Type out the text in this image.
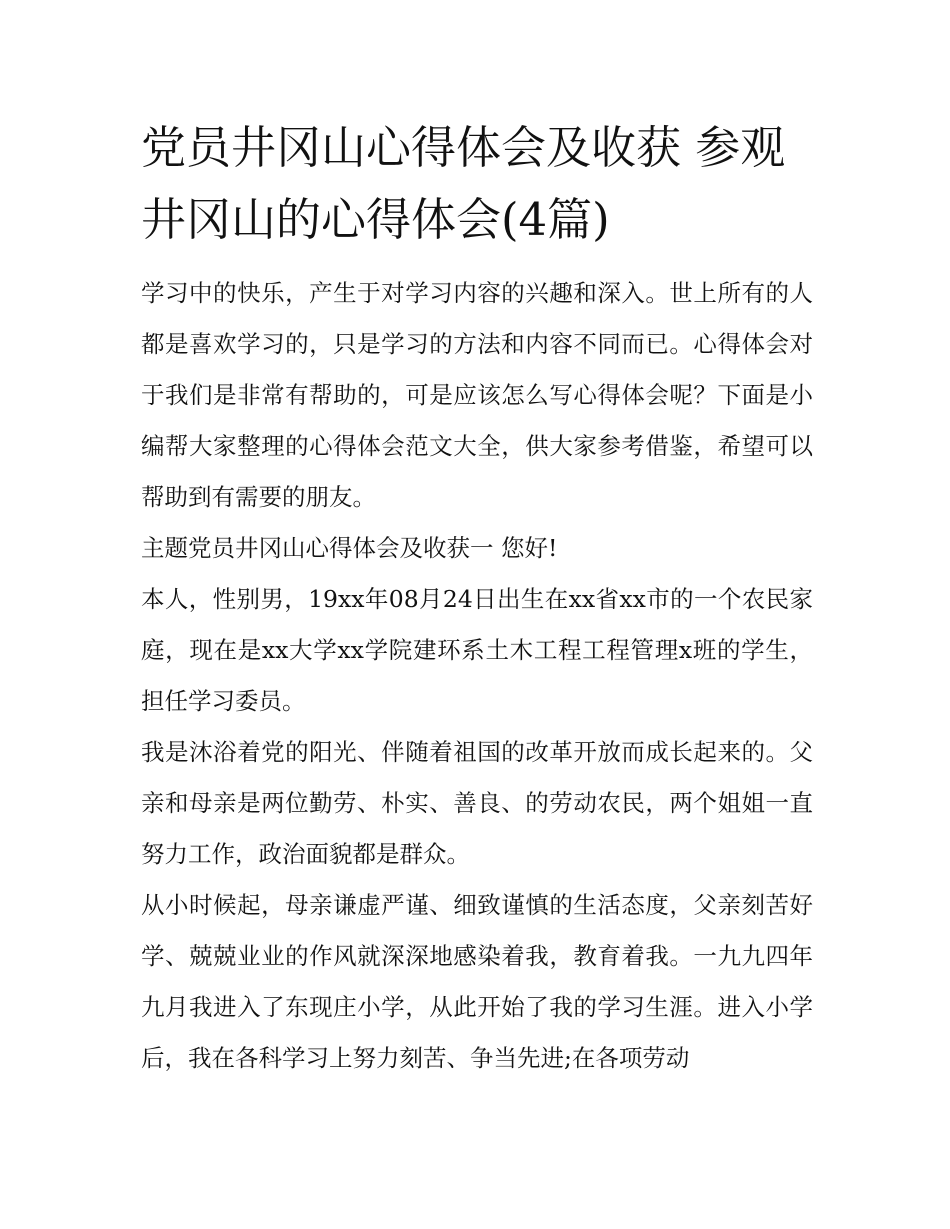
党员井冈山心得体会及收获 参观井冈山的心得体会(4篇)

学习中的快乐，产生于对学习内容的兴趣和深入。世上所有的人都是喜欢学习的，只是学习的方法和内容不同而已。心得体会对于我们是非常有帮助的，可是应该怎么写心得体会呢？下面是小编帮大家整理的心得体会范文大全，供大家参考借鉴，希望可以帮助到有需要的朋友。

主题党员井冈山心得体会及收获一 您好!

本人，性别男，19xx年08月24日出生在xx省xx市的一个农民家庭，现在是xx大学xx学院建环系土木工程工程管理x班的学生，担任学习委员。

我是沐浴着党的阳光、伴随着祖国的改革开放而成长起来的。父亲和母亲是两位勤劳、朴实、善良、的劳动农民，两个姐姐一直努力工作，政治面貌都是群众。

从小时候起，母亲谦虚严谨、细致谨慎的生活态度，父亲刻苦好学、兢兢业业的作风就深深地感染着我，教育着我。一九九四年九月我进入了东现庄小学，从此开始了我的学习生涯。进入小学后，我在各科学习上努力刻苦、争当先进;在各项劳动
